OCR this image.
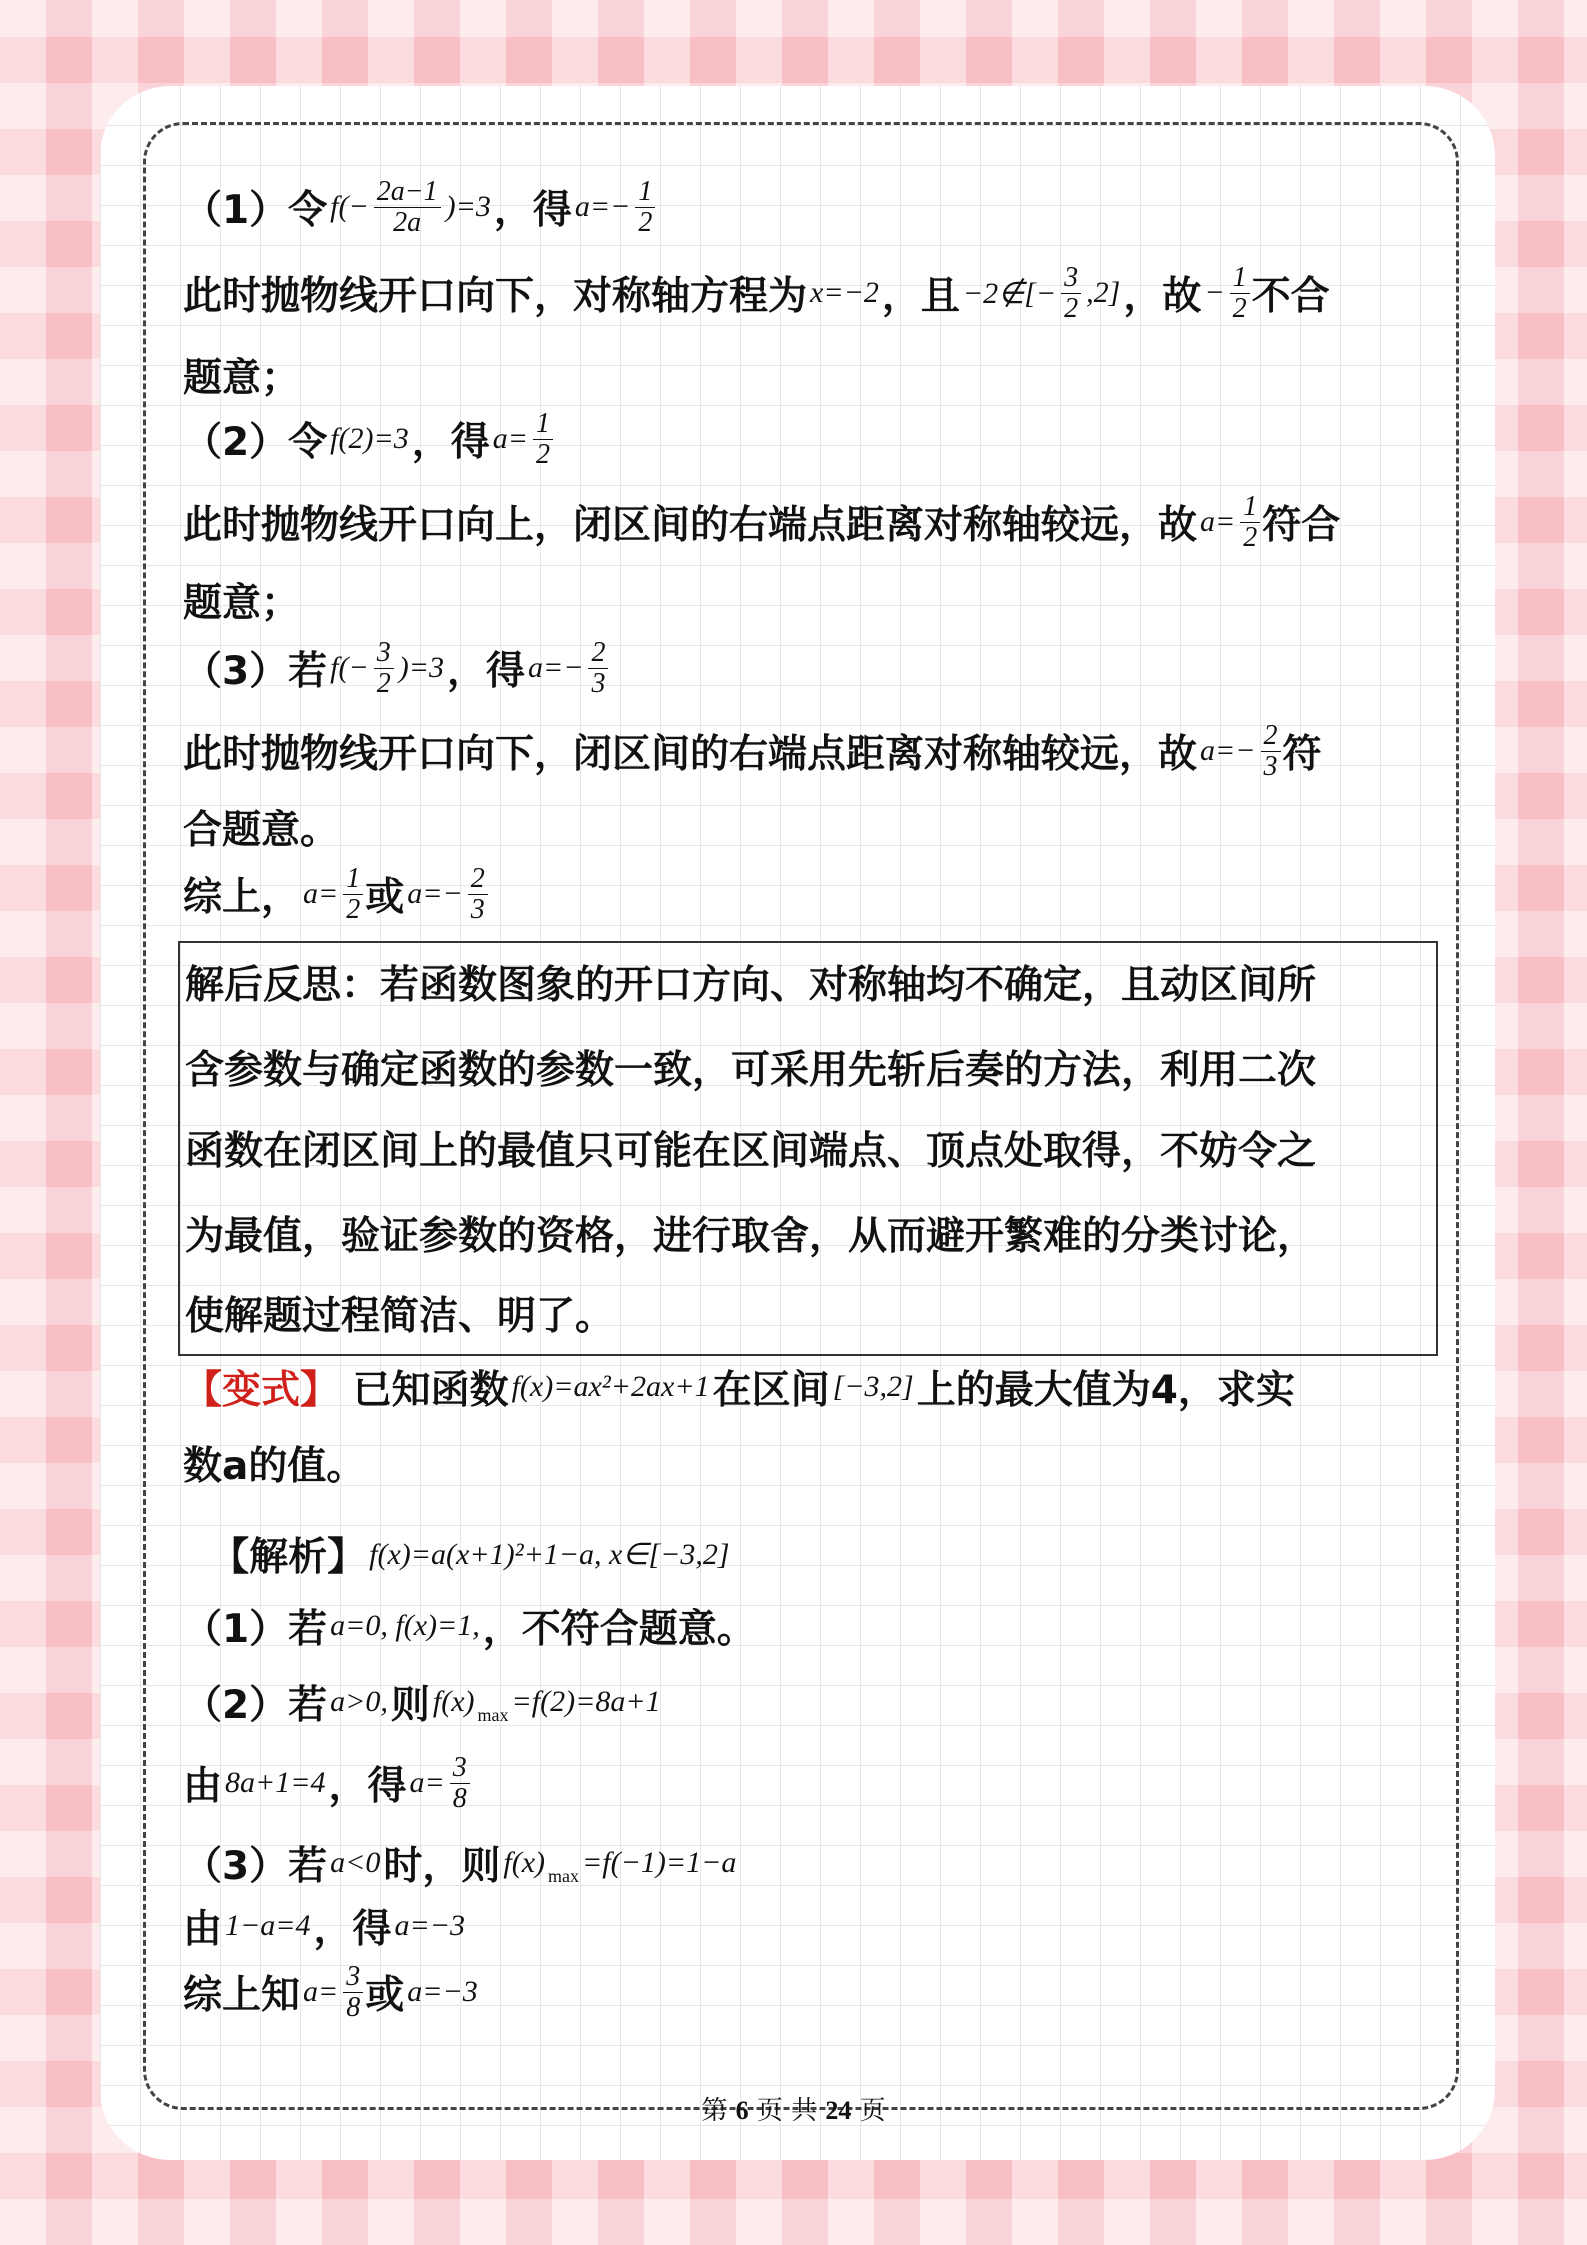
（1）令 $f(- \frac{2a-1}{2a} )=3$ ，得 $a=- \frac{1}{2}$
此时抛物线开口向下，对称轴方程为 x=−2 ，且 −2∉[− $\frac{3}{2} ,2$] ，故 − $\frac{1}{2}$ 不合
题意；
（2）令 f(2)=3 ，得 $a= \frac{1}{2}$
此时抛物线开口向上，闭区间的右端点距离对称轴较远，故 $a= \frac{1}{2}$ 符合
题意；
（3）若 $f(- \frac{3}{2} )=3$ ，得 $a=- \frac{2}{3}$
此时抛物线开口向下，闭区间的右端点距离对称轴较远，故 $a=- \frac{2}{3}$ 符
合题意。
综上， $a= \frac{1}{2}$ 或 $a=- \frac{2}{3}$
解后反思：若函数图象的开口方向、对称轴均不确定，且动区间所
含参数与确定函数的参数一致，可采用先斩后奏的方法，利用二次
函数在闭区间上的最值只可能在区间端点、顶点处取得，不妨令之
为最值，验证参数的资格，进行取舍，从而避开繁难的分类讨论，
使解题过程简洁、明了。
【变式】 已知函数 f(x)=ax²+2ax+1 在区间 [−3,2] 上的最大值为4，求实
数a的值。
【解析】 f(x)=a(x+1)²+1−a, x∈[−3,2]
（1）若 a=0, f(x)=1, ，不符合题意。
（2）若 a>0, 则 f(x) max =f(2)=8a+1
由 8a+1=4 ，得 $a= \frac{3}{8}$
（3）若 a<0 时，则 f(x) max =f(−1)=1−a
由 1−a=4 ，得 a=−3
综上知 $a= \frac{3}{8}$ 或 a=−3
第 6 页 共 24 页
